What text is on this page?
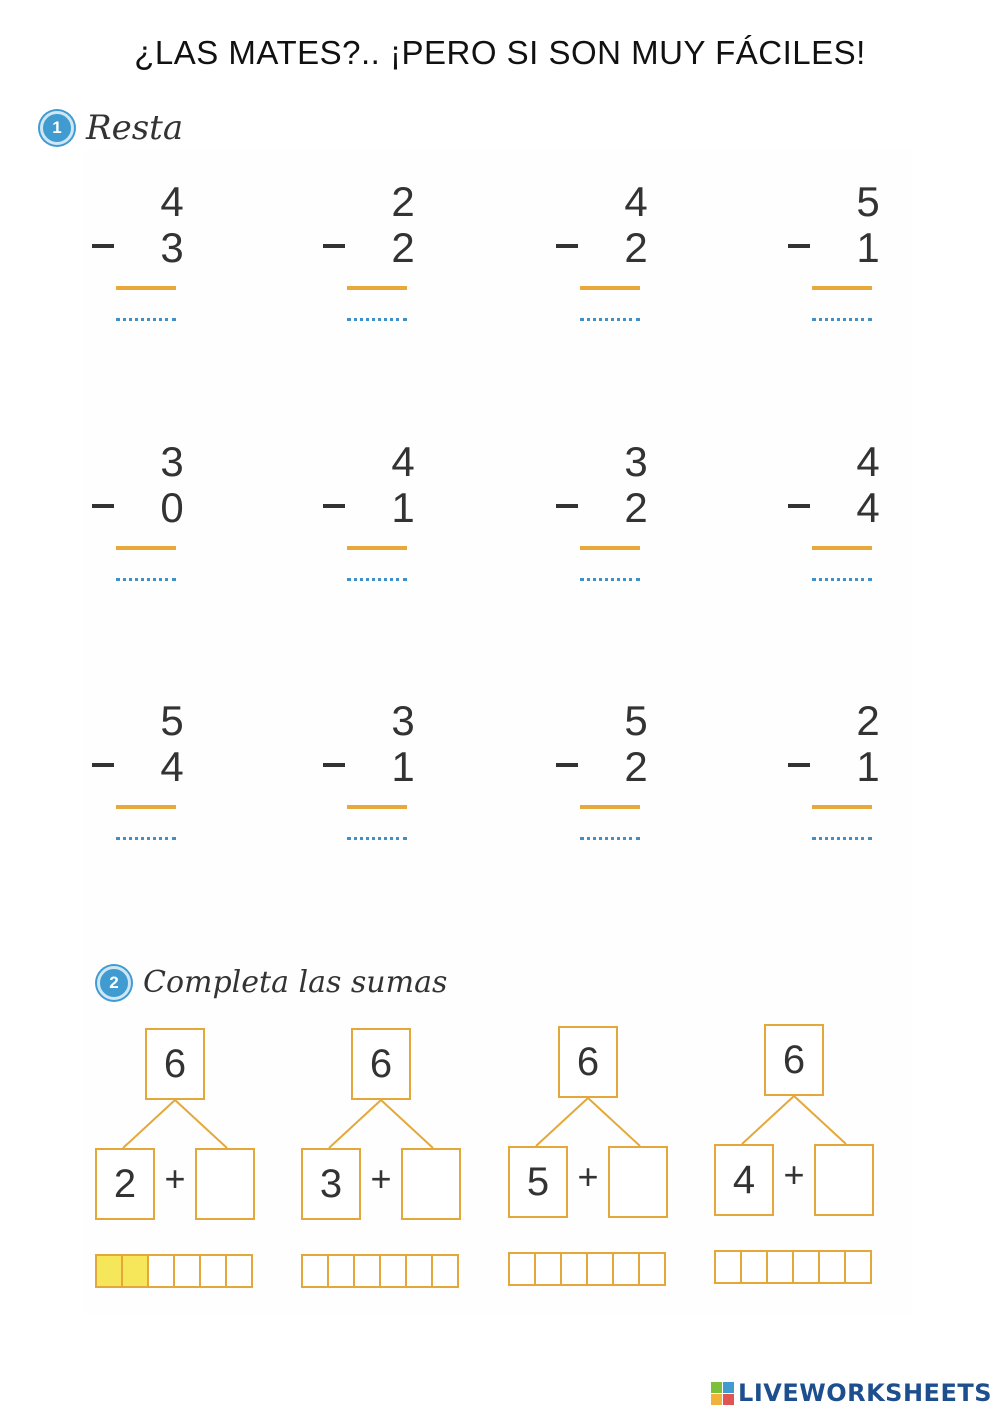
¿LAS MATES?.. ¡PERO SI SON MUY FÁCILES!
1 Resta
4
3
2
2
4
2
5
1
3
0
4
1
3
2
4
4
5
4
3
1
5
2
2
1
2 Completa las sumas
6
2 +
6
3 +
6
5 +
6
4 +
LIVEWORKSHEETS
